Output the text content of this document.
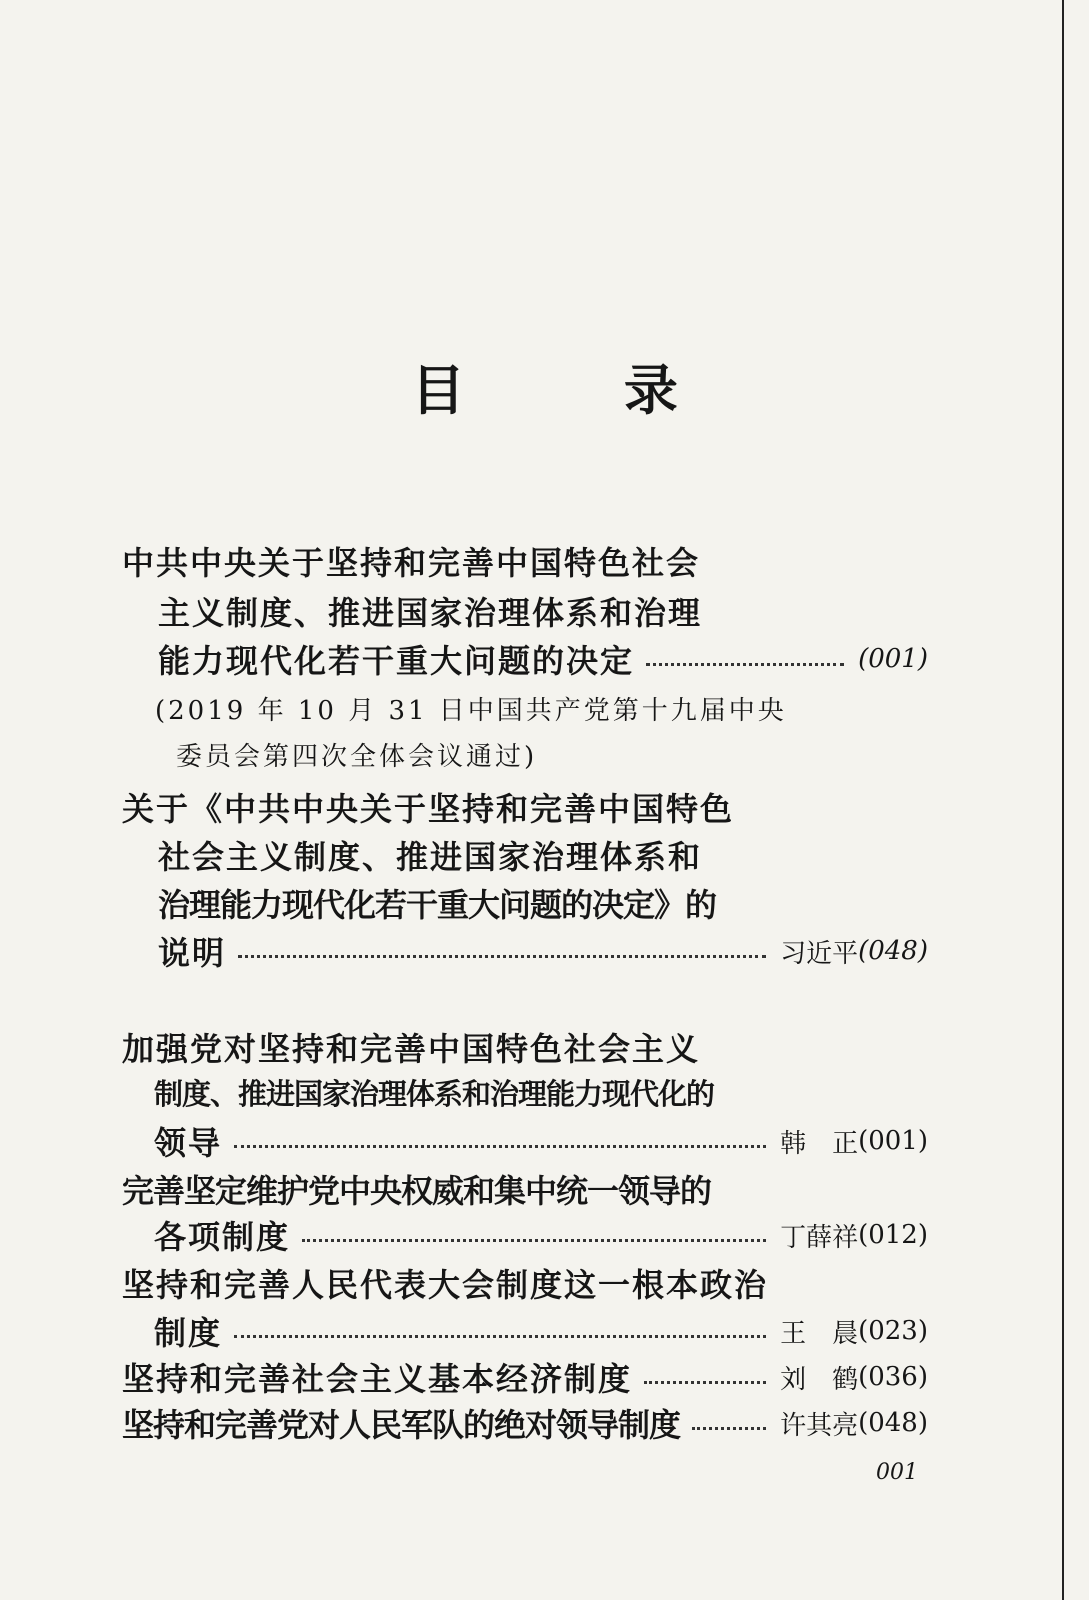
目 录
中共中央关于坚持和完善中国特色社会
主义制度、推进国家治理体系和治理
能力现代化若干重大问题的决定	(001)
(2019 年 10 月 31 日中国共产党第十九届中央
委员会第四次全体会议通过)
关于《中共中央关于坚持和完善中国特色
社会主义制度、推进国家治理体系和
治理能力现代化若干重大问题的决定》的
说明	习近平 (048)
加强党对坚持和完善中国特色社会主义
制度、推进国家治理体系和治理能力现代化的
领导	韩　正 (001)
完善坚定维护党中央权威和集中统一领导的
各项制度	丁薛祥 (012)
坚持和完善人民代表大会制度这一根本政治
制度	王　晨 (023)
坚持和完善社会主义基本经济制度	刘　鹤 (036)
坚持和完善党对人民军队的绝对领导制度	许其亮 (048)
001
